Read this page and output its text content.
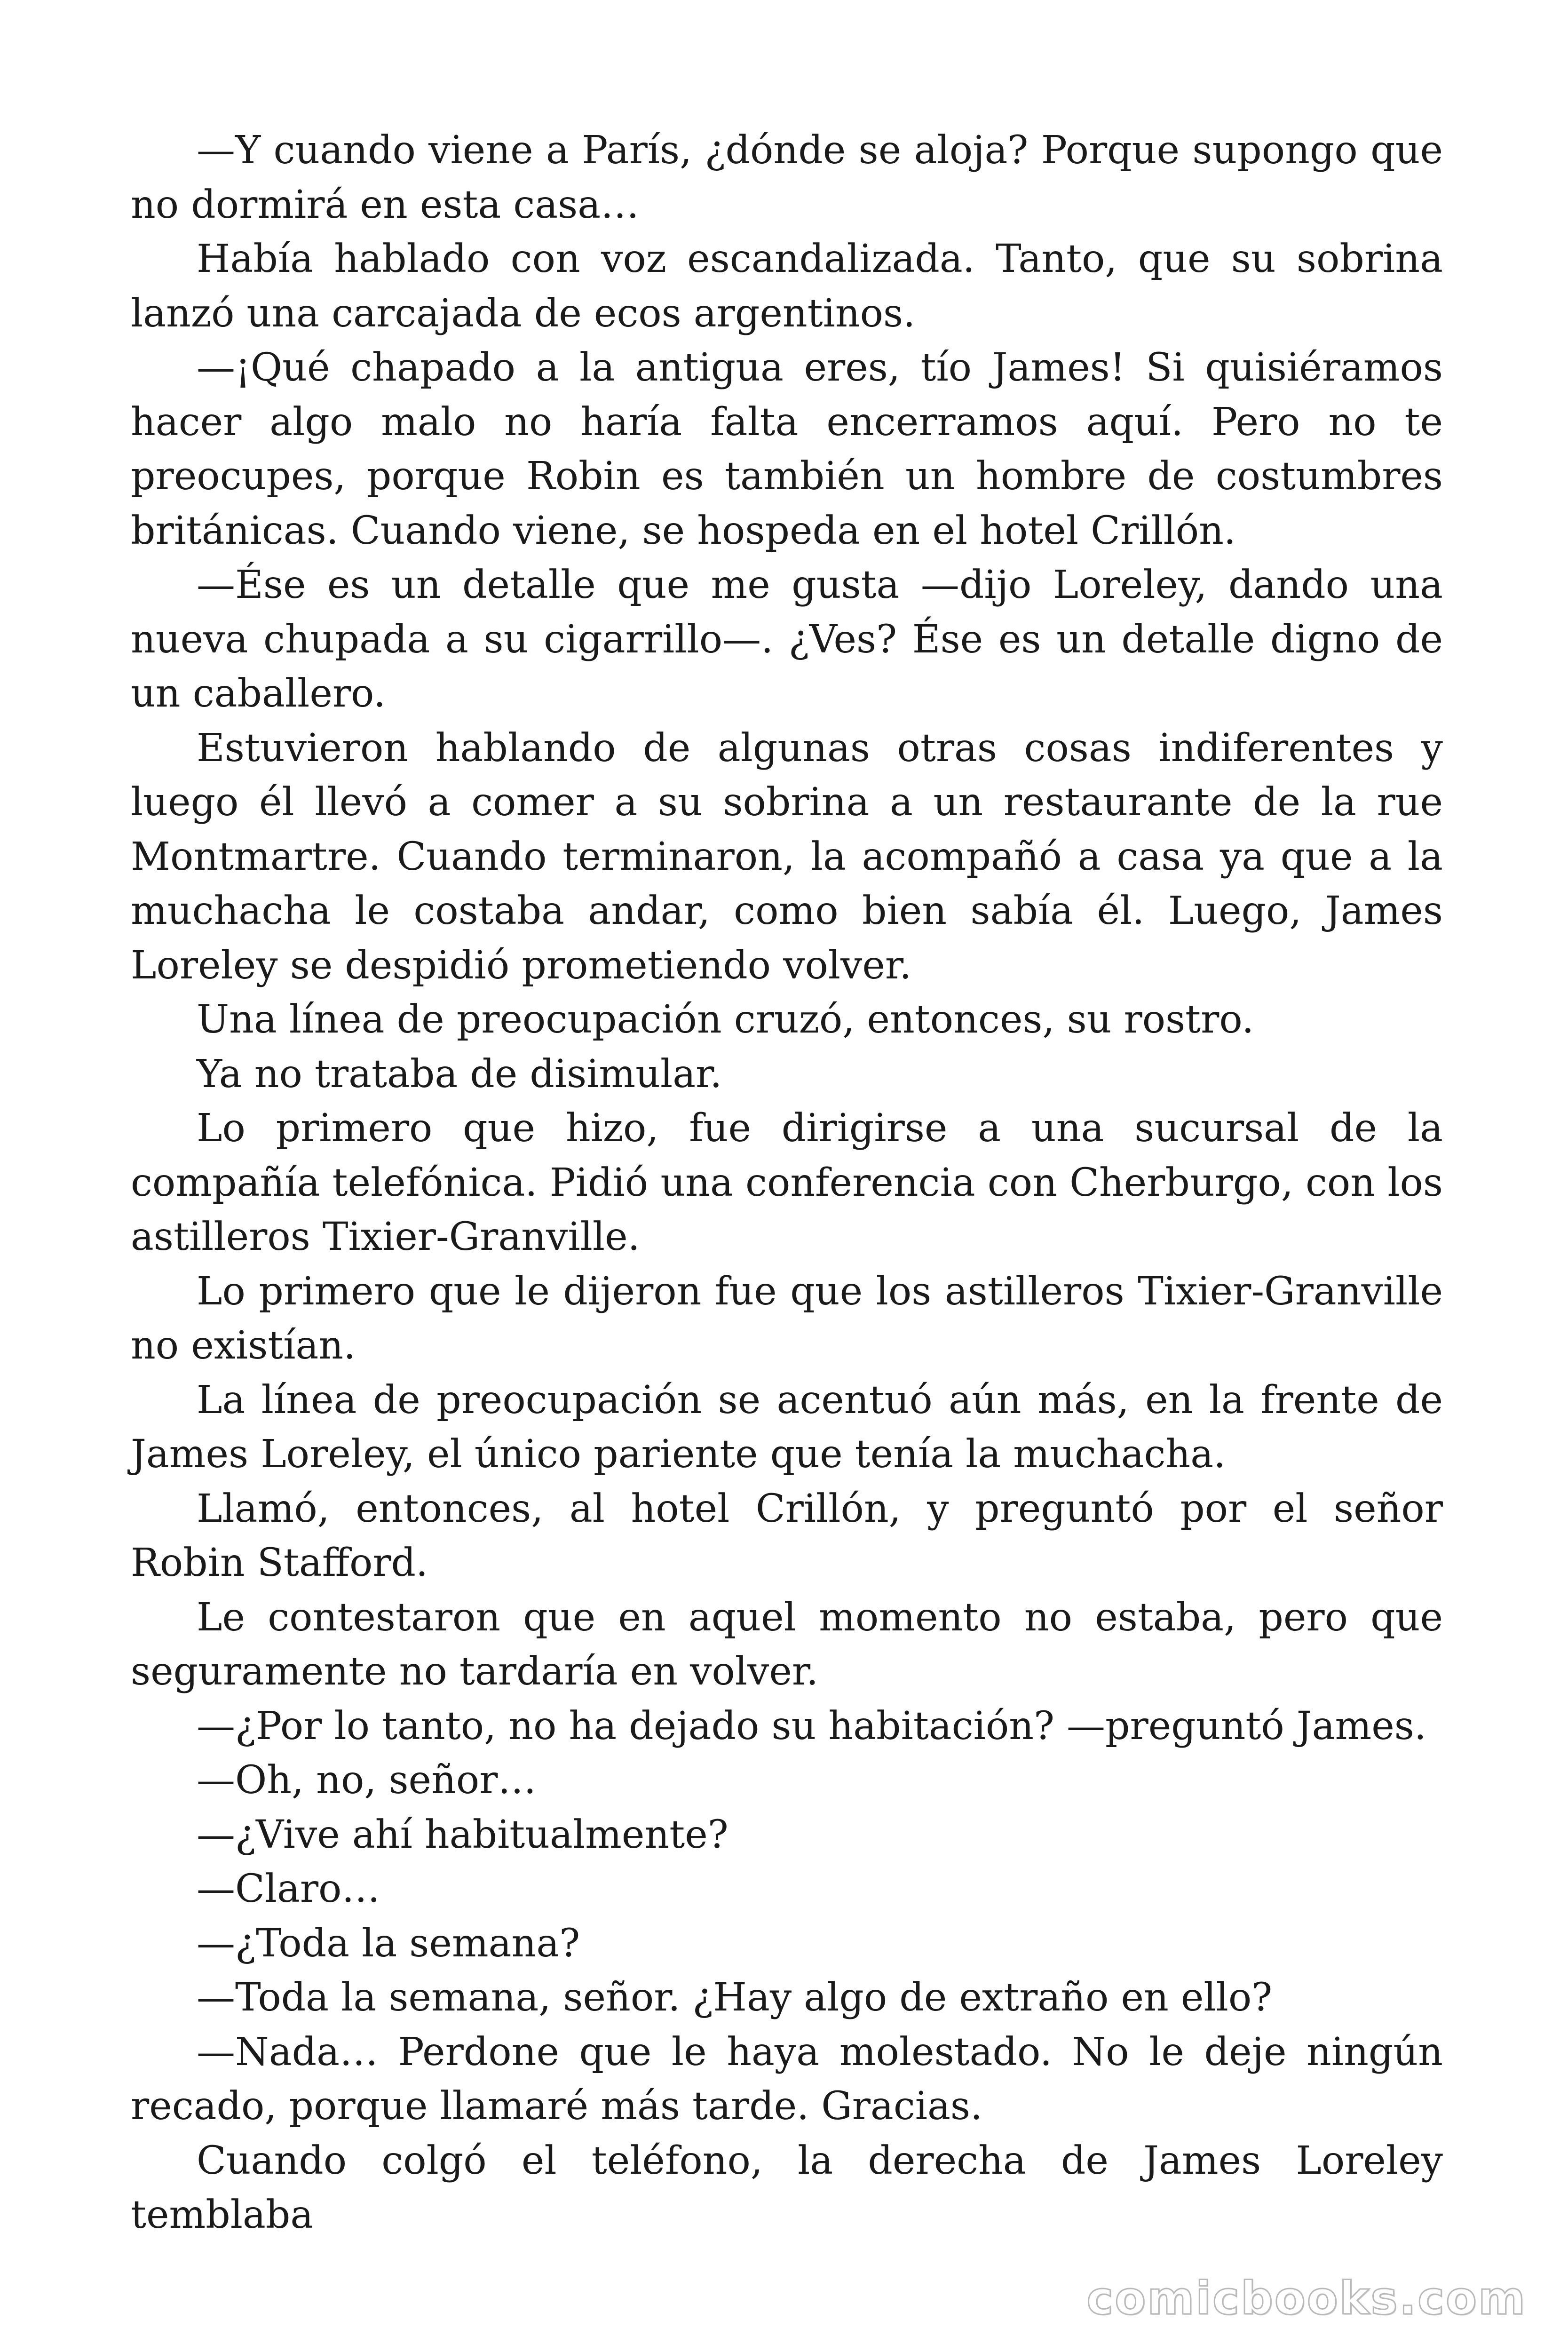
—Y cuando viene a París, ¿dónde se aloja? Porque supongo que no dormirá en esta casa…

Había hablado con voz escandalizada. Tanto, que su sobrina lanzó una carcajada de ecos argentinos.

—¡Qué chapado a la antigua eres, tío James! Si quisiéramos hacer algo malo no haría falta encerramos aquí. Pero no te preocupes, porque Robin es también un hombre de costumbres británicas. Cuando viene, se hospeda en el hotel Crillón.

—Ése es un detalle que me gusta —dijo Loreley, dando una nueva chupada a su cigarrillo—. ¿Ves? Ése es un detalle digno de un caballero.

Estuvieron hablando de algunas otras cosas indiferentes y luego él llevó a comer a su sobrina a un restaurante de la rue Montmartre. Cuando terminaron, la acompañó a casa ya que a la muchacha le costaba andar, como bien sabía él. Luego, James Loreley se despidió prometiendo volver.

Una línea de preocupación cruzó, entonces, su rostro.

Ya no trataba de disimular.

Lo primero que hizo, fue dirigirse a una sucursal de la compañía telefónica. Pidió una conferencia con Cherburgo, con los astilleros Tixier-Granville.

Lo primero que le dijeron fue que los astilleros Tixier-Granville no existían.

La línea de preocupación se acentuó aún más, en la frente de James Loreley, el único pariente que tenía la muchacha.

Llamó, entonces, al hotel Crillón, y preguntó por el señor Robin Stafford.

Le contestaron que en aquel momento no estaba, pero que seguramente no tardaría en volver.

—¿Por lo tanto, no ha dejado su habitación? —preguntó James.

—Oh, no, señor…

—¿Vive ahí habitualmente?

—Claro…

—¿Toda la semana?

—Toda la semana, señor. ¿Hay algo de extraño en ello?

—Nada… Perdone que le haya molestado. No le deje ningún recado, porque llamaré más tarde. Gracias.

Cuando colgó el teléfono, la derecha de James Loreley temblaba

comicbooks.com
